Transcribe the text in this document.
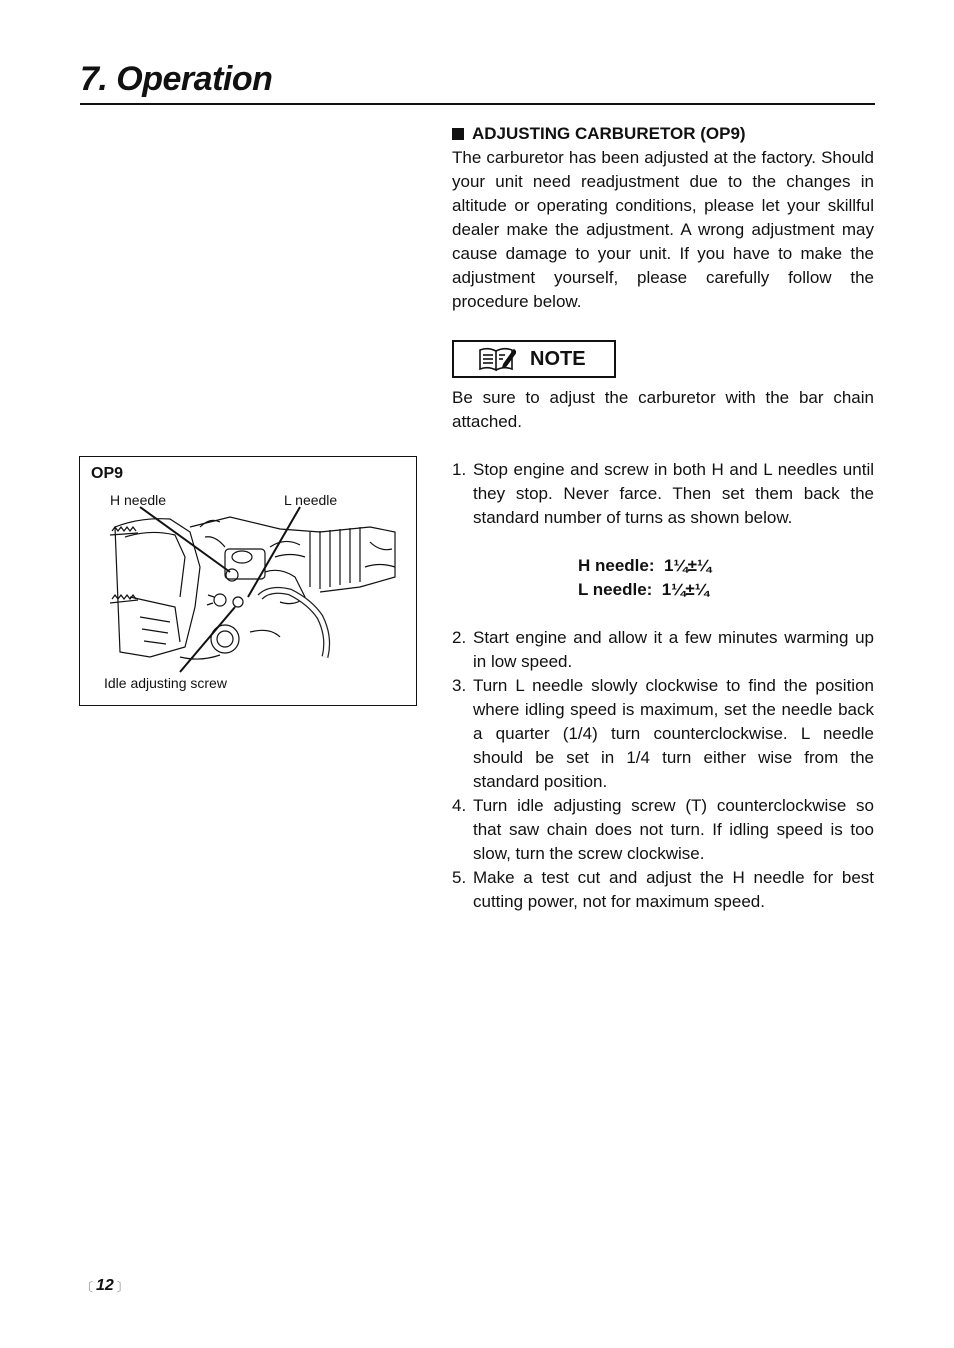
7. Operation
OP9
H needle	L needle
Idle adjusting screw
ADJUSTING CARBURETOR (OP9)

The carburetor has been adjusted at the factory. Should your unit need readjustment due to the changes in altitude or operating conditions, please let your skillful dealer make the adjustment. A wrong adjustment may cause damage to your unit. If you have to make the adjustment yourself, please carefully follow the procedure below.

NOTE

Be sure to adjust the carburetor with the bar chain attached.

1. Stop engine and screw in both H and L needles until they stop. Never farce. Then set them back the standard number of turns as shown below.
H needle:
1¼±¼
L needle:
1¼±¼
2. Start engine and allow it a few minutes warming up in low speed.
3. Turn L needle slowly clockwise to find the position where idling speed is maximum, set the needle back a quarter (1/4) turn counterclockwise. L needle should be set in 1/4 turn either wise from the standard position.
4. Turn idle adjusting screw (T) counterclockwise so that saw chain does not turn. If idling speed is too slow, turn the screw clockwise.
5. Make a test cut and adjust the H needle for best cutting power, not for maximum speed.
〔 12 〕
